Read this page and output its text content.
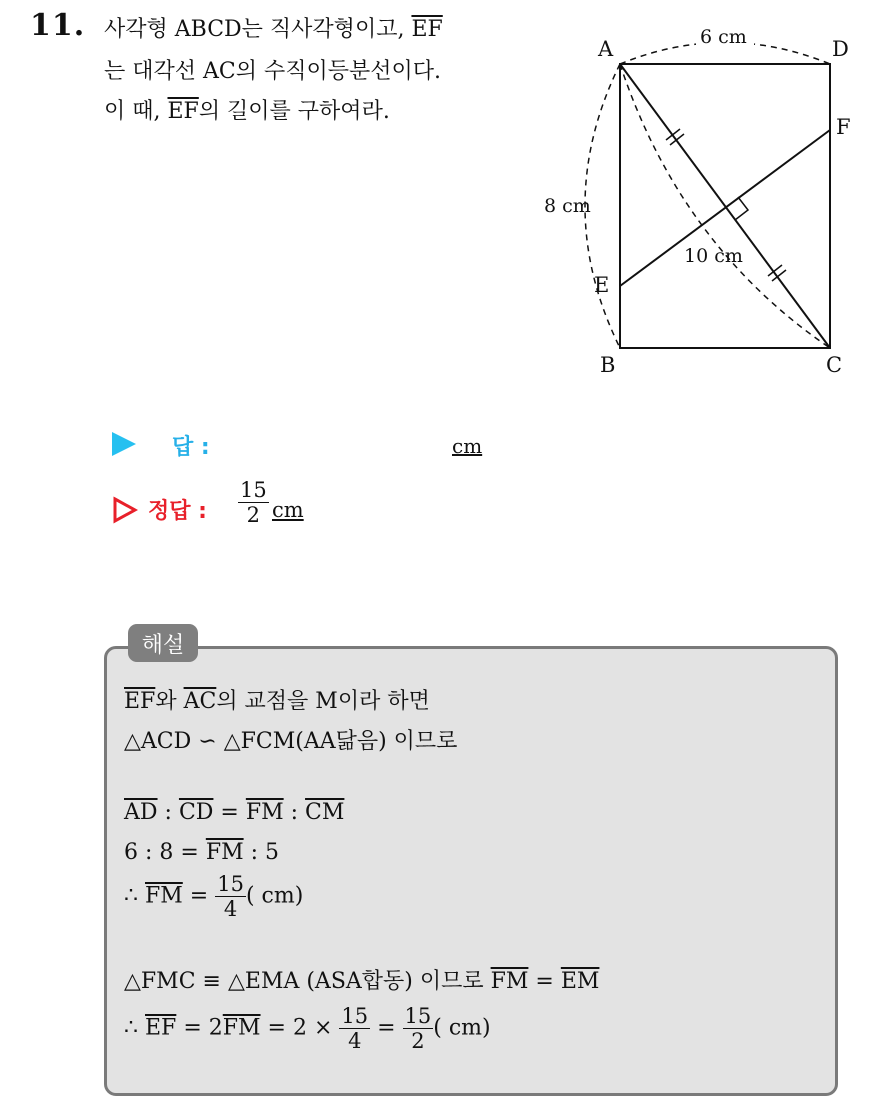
11. 사각형 ABCD는 직사각형이고, $\overline{EF}$
는 대각선 AC의 수직이등분선이다.
이 때, $\overline{EF}$의 길이를 구하여라.
A	D
F
E
B	C
6 cm
8 cm
10 cm
답 :	cm
정답 : $\frac{15}{2}$ cm
해설
$\overline{EF}$와 $\overline{AC}$의 교점을 M이라 하면
△ACD ∽ △FCM(AA닮음) 이므로
$\overline{AD}$ : $\overline{CD} = \overline{FM}$ : $\overline{CM}$
6 : $8 = \overline{FM}$ : 5
∴ $\overline{FM} = \frac{15}{4}$ ( cm)
△FMC ≡ △EMA (ASA합동) 이므로 $\overline{FM} = \overline{EM}$
∴ $\overline{EF} = 2\overline{FM} = 2 \times \frac{15}{4} = \frac{15}{2}$ ( cm)
